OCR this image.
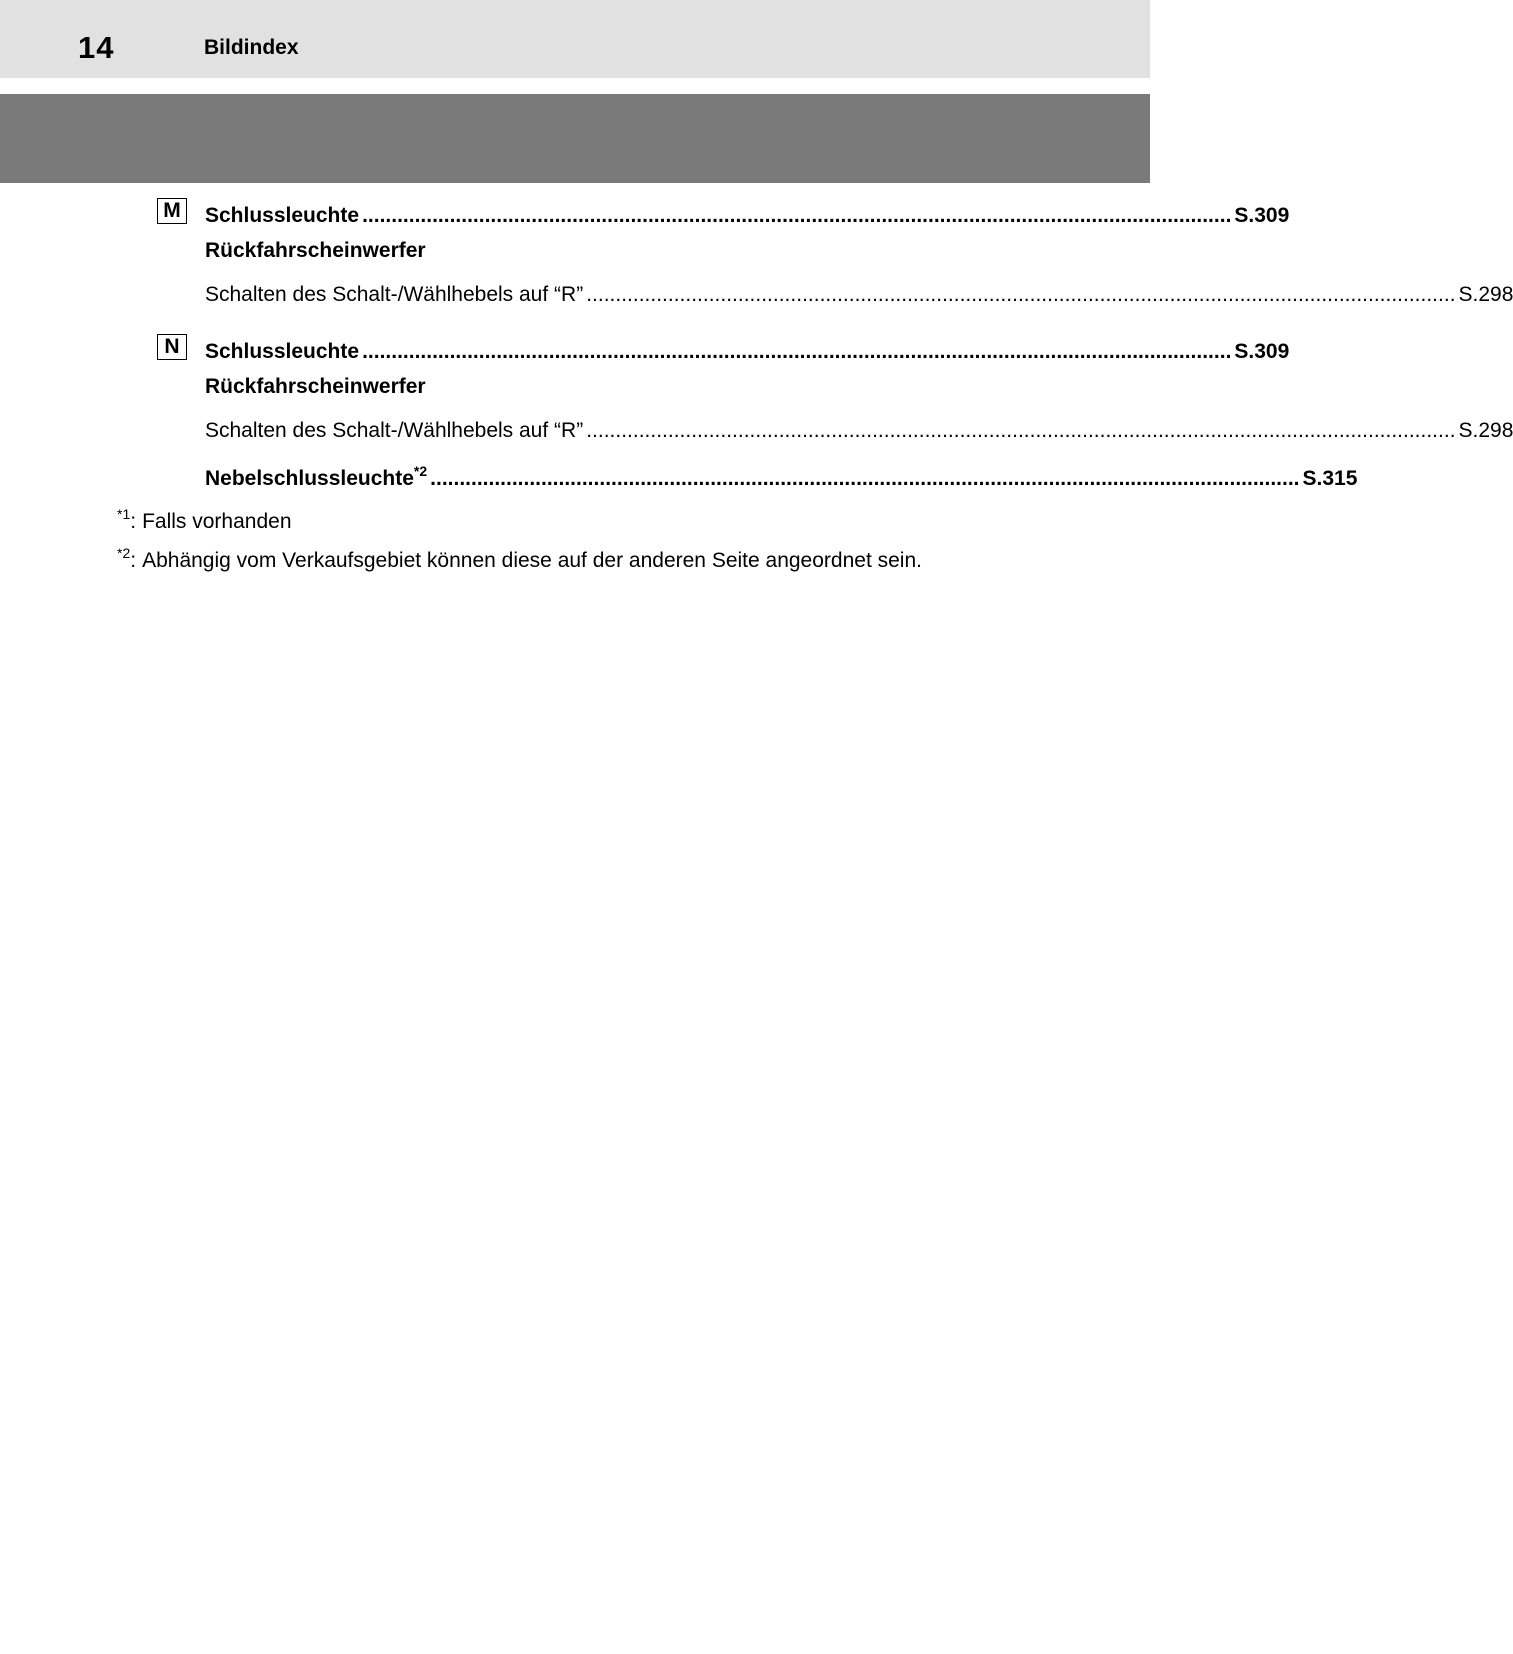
14	Bildindex
M Schlussleuchte ..................................................................................................................................................... S.309
Rückfahrscheinwerfer
Schalten des Schalt-/Wählhebels auf “R” ..................................................................................................................................................... S.298
N	Schlussleuchte ..................................................................................................................................................... S.309
Rückfahrscheinwerfer
Schalten des Schalt-/Wählhebels auf “R” ..................................................................................................................................................... S.298
Nebelschlussleuchte$^{*2}$ ..................................................................................................................................................... S.315
$^{*1}$: Falls vorhanden
$^{*2}$: Abhängig vom Verkaufsgebiet können diese auf der anderen Seite angeordnet sein.
